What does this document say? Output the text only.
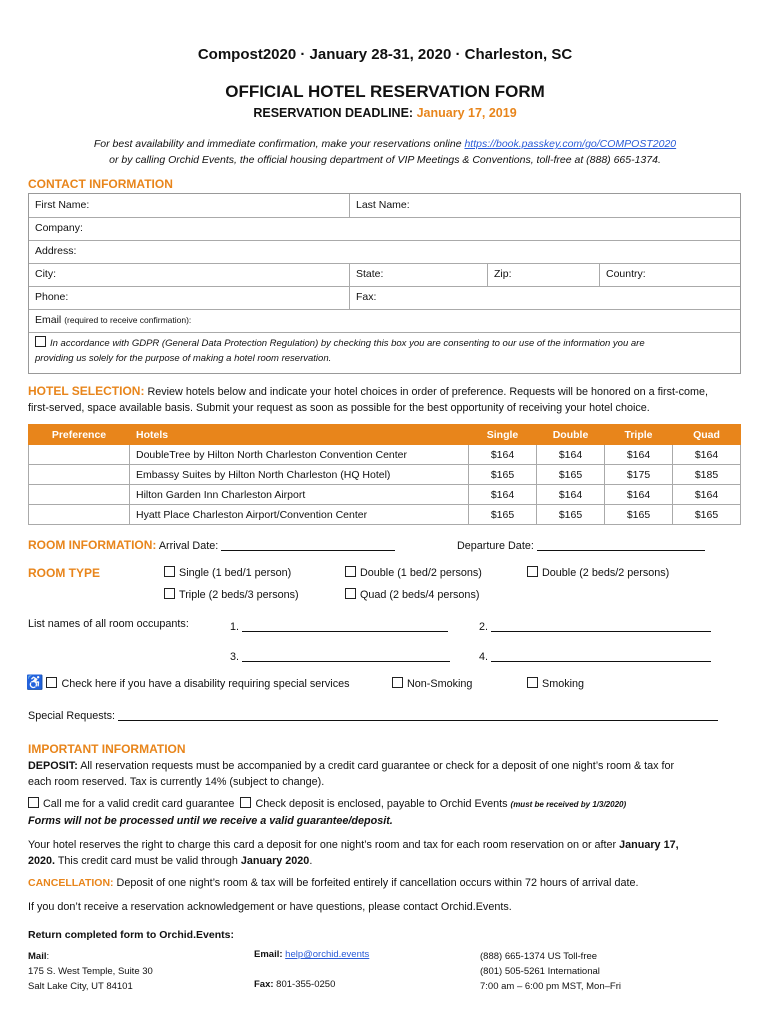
Compost2020 · January 28-31, 2020 · Charleston, SC
OFFICIAL HOTEL RESERVATION FORM
RESERVATION DEADLINE: January 17, 2019
For best availability and immediate confirmation, make your reservations online https://book.passkey.com/go/COMPOST2020
or by calling Orchid Events, the official housing department of VIP Meetings & Conventions, toll-free at (888) 665-1374.
CONTACT INFORMATION
First Name:	Last Name:
Company:
Address:
City:	State:	Zip:	Country:
Phone:	Fax:
Email (required to receive confirmation):
In accordance with GDPR (General Data Protection Regulation) by checking this box you are consenting to our use of the information you are
providing us solely for the purpose of making a hotel room reservation.
HOTEL SELECTION: Review hotels below and indicate your hotel choices in order of preference. Requests will be honored on a first-come,
first-served, space available basis. Submit your request as soon as possible for the best opportunity of receiving your hotel choice.
Preference	Hotels	Single	Double	Triple	Quad
	DoubleTree by Hilton North Charleston Convention Center	$164	$164	$164	$164
	Embassy Suites by Hilton North Charleston (HQ Hotel)	$165	$165	$175	$185
	Hilton Garden Inn Charleston Airport	$164	$164	$164	$164
	Hyatt Place Charleston Airport/Convention Center	$165	$165	$165	$165
ROOM INFORMATION: Arrival Date:	Departure Date:
ROOM TYPE	Single (1 bed/1 person)	Double (1 bed/2 persons)	Double (2 beds/2 persons)
Triple (2 beds/3 persons)	Quad (2 beds/4 persons)
List names of all room occupants:	1.	2.
3.	4.
♿ Check here if you have a disability requiring special services	Non-Smoking	Smoking
Special Requests:
IMPORTANT INFORMATION
DEPOSIT: All reservation requests must be accompanied by a credit card guarantee or check for a deposit of one night’s room & tax for
each room reserved. Tax is currently 14% (subject to change).
Call me for a valid credit card guarantee Check deposit is enclosed, payable to Orchid Events (must be received by 1/3/2020)
Forms will not be processed until we receive a valid guarantee/deposit.
Your hotel reserves the right to charge this card a deposit for one night’s room and tax for each room reservation on or after January 17,
2020. This credit card must be valid through January 2020.
CANCELLATION: Deposit of one night’s room & tax will be forfeited entirely if cancellation occurs within 72 hours of arrival date.
If you don’t receive a reservation acknowledgement or have questions, please contact Orchid.Events.
Return completed form to Orchid.Events:
Mail:
175 S. West Temple, Suite 30
Salt Lake City, UT 84101
Email: help@orchid.events
Fax: 801-355-0250
(888) 665-1374 US Toll-free
(801) 505-5261 International
7:00 am – 6:00 pm MST, Mon–Fri
